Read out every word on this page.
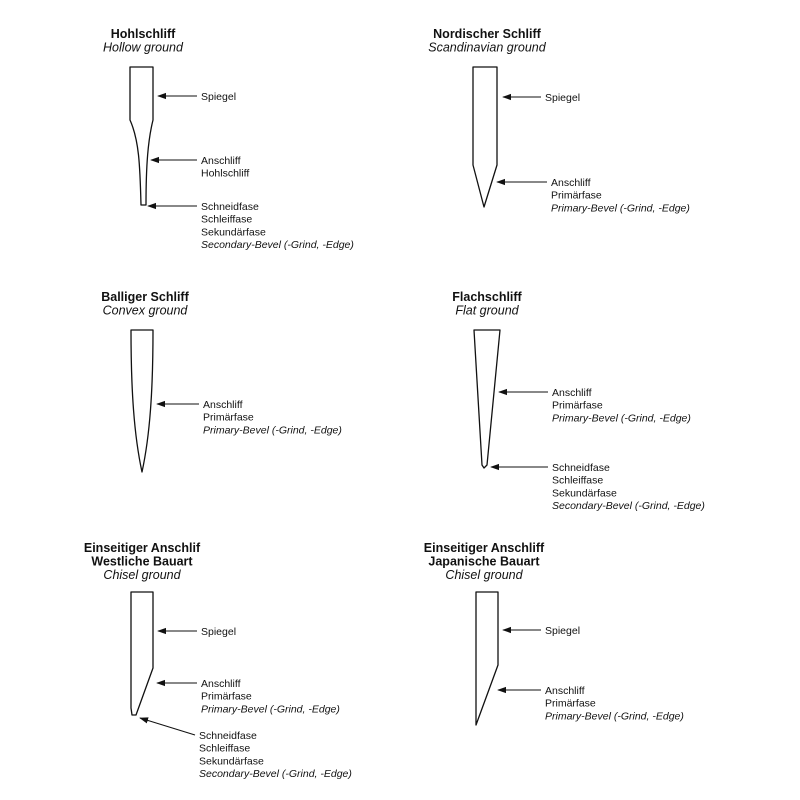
Hohlschliff
Hollow ground
Spiegel
Anschliff
Hohlschliff
Schneidfase
Schleiffase
Sekundärfase
Secondary-Bevel (-Grind, -Edge)
Nordischer Schliff
Scandinavian ground
Spiegel
Anschliff
Primärfase
Primary-Bevel (-Grind, -Edge)
Balliger Schliff
Convex ground
Anschliff
Primärfase
Primary-Bevel (-Grind, -Edge)
Flachschliff
Flat ground
Anschliff
Primärfase
Primary-Bevel (-Grind, -Edge)
Schneidfase
Schleiffase
Sekundärfase
Secondary-Bevel (-Grind, -Edge)
Einseitiger Anschlif
Westliche Bauart
Chisel ground
Spiegel
Anschliff
Primärfase
Primary-Bevel (-Grind, -Edge)
Schneidfase
Schleiffase
Sekundärfase
Secondary-Bevel (-Grind, -Edge)
Einseitiger Anschliff
Japanische Bauart
Chisel ground
Spiegel
Anschliff
Primärfase
Primary-Bevel (-Grind, -Edge)
